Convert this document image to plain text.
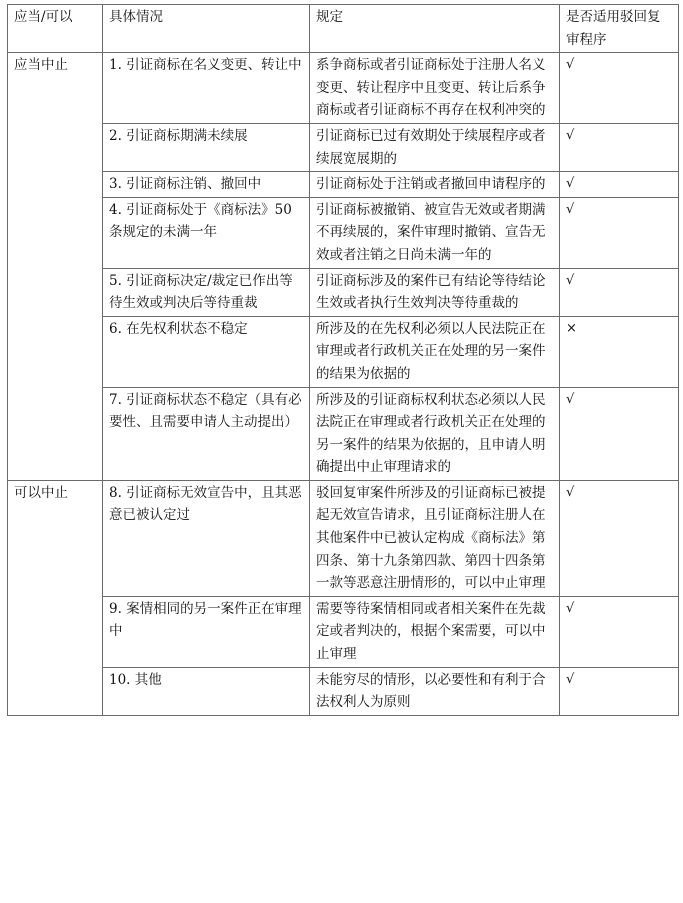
应当/可以	具体情况	规定	是否适用驳回复审程序
应当中止	1. 引证商标在名义变更、转让中	系争商标或者引证商标处于注册人名义变更、转让程序中且变更、转让后系争商标或者引证商标不再存在权利冲突的	√
	2. 引证商标期满未续展	引证商标已过有效期处于续展程序或者续展宽展期的	√
	3. 引证商标注销、撤回中	引证商标处于注销或者撤回申请程序的	√
	4. 引证商标处于《商标法》50 条规定的未满一年	引证商标被撤销、被宣告无效或者期满不再续展的，案件审理时撤销、宣告无效或者注销之日尚未满一年的	√
	5. 引证商标决定/裁定已作出等待生效或判决后等待重裁	引证商标涉及的案件已有结论等待结论生效或者执行生效判决等待重裁的	√
	6. 在先权利状态不稳定	所涉及的在先权利必须以人民法院正在审理或者行政机关正在处理的另一案件的结果为依据的	×
	7. 引证商标状态不稳定（具有必要性、且需要申请人主动提出）	所涉及的引证商标权利状态必须以人民法院正在审理或者行政机关正在处理的另一案件的结果为依据的，且申请人明确提出中止审理请求的	√
可以中止	8. 引证商标无效宣告中，且其恶意已被认定过	驳回复审案件所涉及的引证商标已被提起无效宣告请求，且引证商标注册人在其他案件中已被认定构成《商标法》第四条、第十九条第四款、第四十四条第一款等恶意注册情形的，可以中止审理	√
	9. 案情相同的另一案件正在审理中	需要等待案情相同或者相关案件在先裁定或者判决的，根据个案需要，可以中止审理	√
	10. 其他	未能穷尽的情形，以必要性和有利于合法权利人为原则	√
